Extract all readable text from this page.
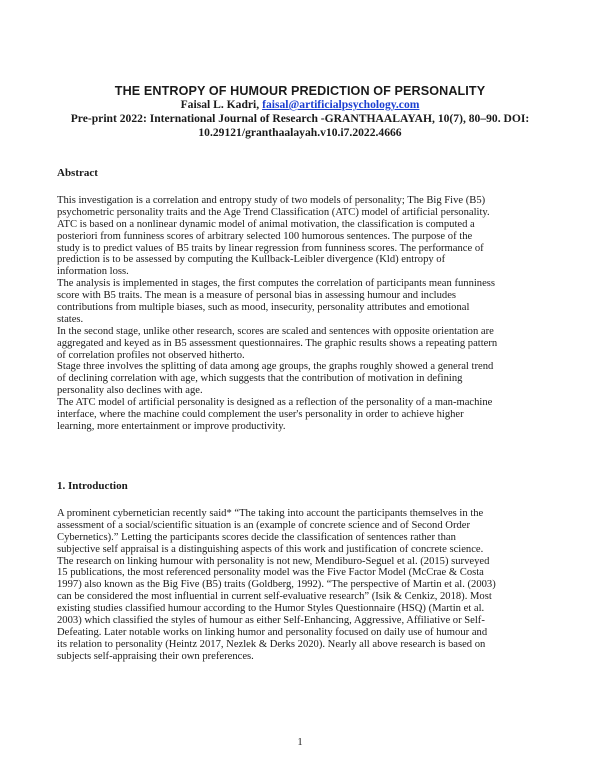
THE ENTROPY OF HUMOUR PREDICTION OF PERSONALITY
Faisal L. Kadri, faisal@artificialpsychology.com
Pre-print 2022: International Journal of Research -GRANTHAALAYAH, 10(7), 80–90. DOI:
10.29121/granthaalayah.v10.i7.2022.4666
Abstract
This investigation is a correlation and entropy study of two models of personality; The Big Five (B5)
psychometric personality traits and the Age Trend Classification (ATC) model of artificial personality.
ATC is based on a nonlinear dynamic model of animal motivation, the classification is computed a
posteriori from funniness scores of arbitrary selected 100 humorous sentences. The purpose of the
study is to predict values of B5 traits by linear regression from funniness scores. The performance of
prediction is to be assessed by computing the Kullback-Leibler divergence (Kld) entropy of
information loss.
The analysis is implemented in stages, the first computes the correlation of participants mean funniness
score with B5 traits. The mean is a measure of personal bias in assessing humour and includes
contributions from multiple biases, such as mood, insecurity, personality attributes and emotional
states.
In the second stage, unlike other research, scores are scaled and sentences with opposite orientation are
aggregated and keyed as in B5 assessment questionnaires. The graphic results shows a repeating pattern
of correlation profiles not observed hitherto.
Stage three involves the splitting of data among age groups, the graphs roughly showed a general trend
of declining correlation with age, which suggests that the contribution of motivation in defining
personality also declines with age.
The ATC model of artificial personality is designed as a reflection of the personality of a man-machine
interface, where the machine could complement the user's personality in order to achieve higher
learning, more entertainment or improve productivity.
1. Introduction
A prominent cybernetician recently said* “The taking into account the participants themselves in the
assessment of a social/scientific situation is an (example of concrete science and of Second Order
Cybernetics).” Letting the participants scores decide the classification of sentences rather than
subjective self appraisal is a distinguishing aspects of this work and justification of concrete science.
The research on linking humour with personality is not new, Mendiburo-Seguel et al. (2015) surveyed
15 publications, the most referenced personality model was the Five Factor Model (McCrae & Costa
1997) also known as the Big Five (B5) traits (Goldberg, 1992). “The perspective of Martin et al. (2003)
can be considered the most influential in current self-evaluative research” (Isik & Cenkiz, 2018). Most
existing studies classified humour according to the Humor Styles Questionnaire (HSQ) (Martin et al.
2003) which classified the styles of humour as either Self-Enhancing, Aggressive, Affiliative or Self-
Defeating. Later notable works on linking humor and personality focused on daily use of humour and
its relation to personality (Heintz 2017, Nezlek & Derks 2020). Nearly all above research is based on
subjects self-appraising their own preferences.
1
